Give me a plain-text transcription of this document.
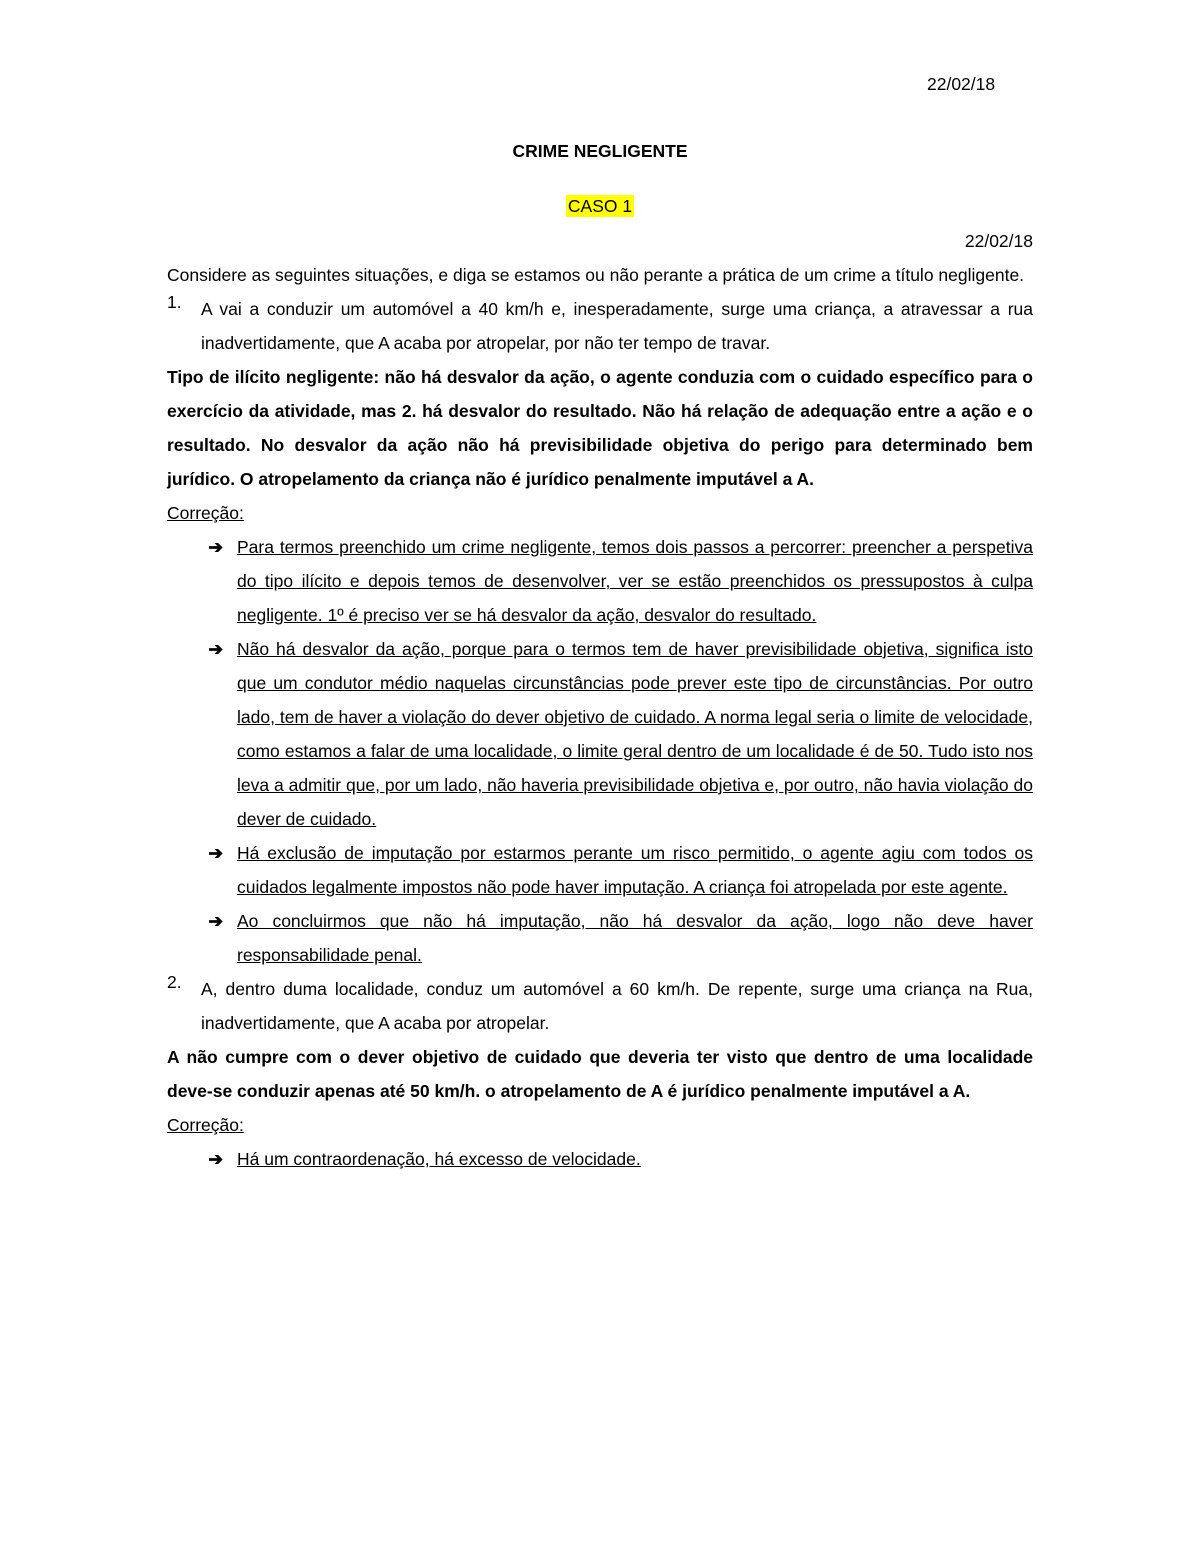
22/02/18
CRIME NEGLIGENTE
CASO 1
22/02/18

Considere as seguintes situações, e diga se estamos ou não perante a prática de um crime a título negligente.

1.	A vai a conduzir um automóvel a 40 km/h e, inesperadamente, surge uma criança, a atravessar a rua inadvertidamente, que A acaba por atropelar, por não ter tempo de travar.

Tipo de ilícito negligente: não há desvalor da ação, o agente conduzia com o cuidado específico para o exercício da atividade, mas 2. há desvalor do resultado. Não há relação de adequação entre a ação e o resultado. No desvalor da ação não há previsibilidade objetiva do perigo para determinado bem jurídico. O atropelamento da criança não é jurídico penalmente imputável a A.

Correção:

➔ Para termos preenchido um crime negligente, temos dois passos a percorrer: preencher a perspetiva do tipo ilícito e depois temos de desenvolver, ver se estão preenchidos os pressupostos à culpa negligente. 1º é preciso ver se há desvalor da ação, desvalor do resultado.
➔ Não há desvalor da ação, porque para o termos tem de haver previsibilidade objetiva, significa isto que um condutor médio naquelas circunstâncias pode prever este tipo de circunstâncias. Por outro lado, tem de haver a violação do dever objetivo de cuidado. A norma legal seria o limite de velocidade, como estamos a falar de uma localidade, o limite geral dentro de um localidade é de 50. Tudo isto nos leva a admitir que, por um lado, não haveria previsibilidade objetiva e, por outro, não havia violação do dever de cuidado.
➔ Há exclusão de imputação por estarmos perante um risco permitido, o agente agiu com todos os cuidados legalmente impostos não pode haver imputação. A criança foi atropelada por este agente.
➔ Ao concluirmos que não há imputação, não há desvalor da ação, logo não deve haver responsabilidade penal.
2.	A, dentro duma localidade, conduz um automóvel a 60 km/h. De repente, surge uma criança na Rua, inadvertidamente, que A acaba por atropelar.

A não cumpre com o dever objetivo de cuidado que deveria ter visto que dentro de uma localidade deve-se conduzir apenas até 50 km/h. o atropelamento de A é jurídico penalmente imputável a A.

Correção:

➔ Há um contraordenação, há excesso de velocidade.
